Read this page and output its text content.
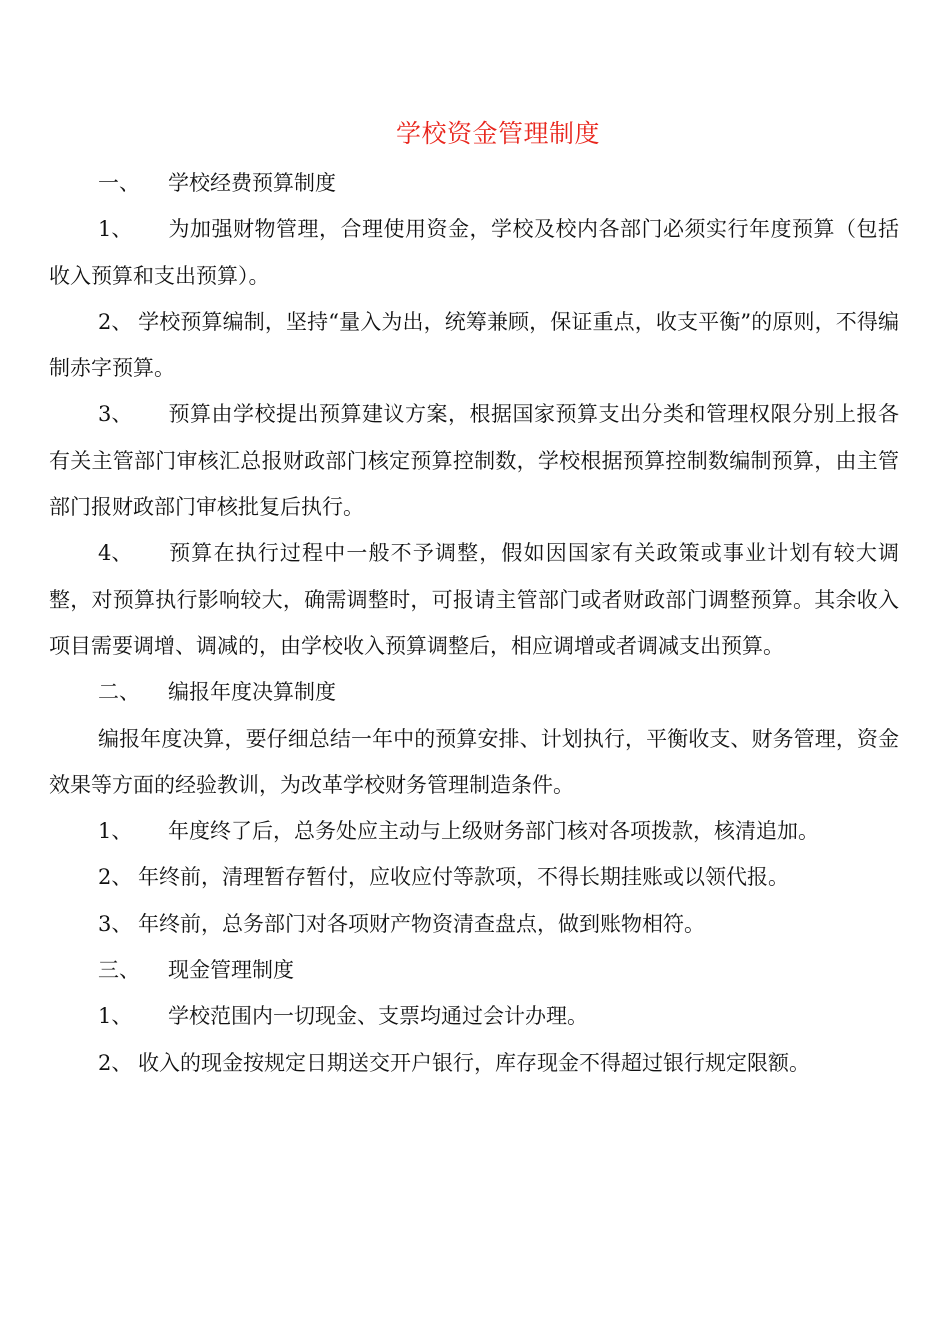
学校资金管理制度

一、 学校经费预算制度

1、 为加强财物管理，合理使用资金，学校及校内各部门必须实行年度预算（包括收入预算和支出预算）。

2、 学校预算编制，坚持“量入为出，统筹兼顾，保证重点，收支平衡”的原则，不得编制赤字预算。

3、 预算由学校提出预算建议方案，根据国家预算支出分类和管理权限分别上报各有关主管部门审核汇总报财政部门核定预算控制数，学校根据预算控制数编制预算，由主管部门报财政部门审核批复后执行。

4、 预算在执行过程中一般不予调整，假如因国家有关政策或事业计划有较大调整，对预算执行影响较大，确需调整时，可报请主管部门或者财政部门调整预算。其余收入项目需要调增、调减的，由学校收入预算调整后，相应调增或者调减支出预算。

二、 编报年度决算制度

编报年度决算，要仔细总结一年中的预算安排、计划执行，平衡收支、财务管理，资金效果等方面的经验教训，为改革学校财务管理制造条件。

1、 年度终了后，总务处应主动与上级财务部门核对各项拨款，核清追加。

2、 年终前，清理暂存暂付，应收应付等款项，不得长期挂账或以领代报。

3、 年终前，总务部门对各项财产物资清查盘点，做到账物相符。

三、 现金管理制度

1、 学校范围内一切现金、支票均通过会计办理。

2、 收入的现金按规定日期送交开户银行，库存现金不得超过银行规定限额。
